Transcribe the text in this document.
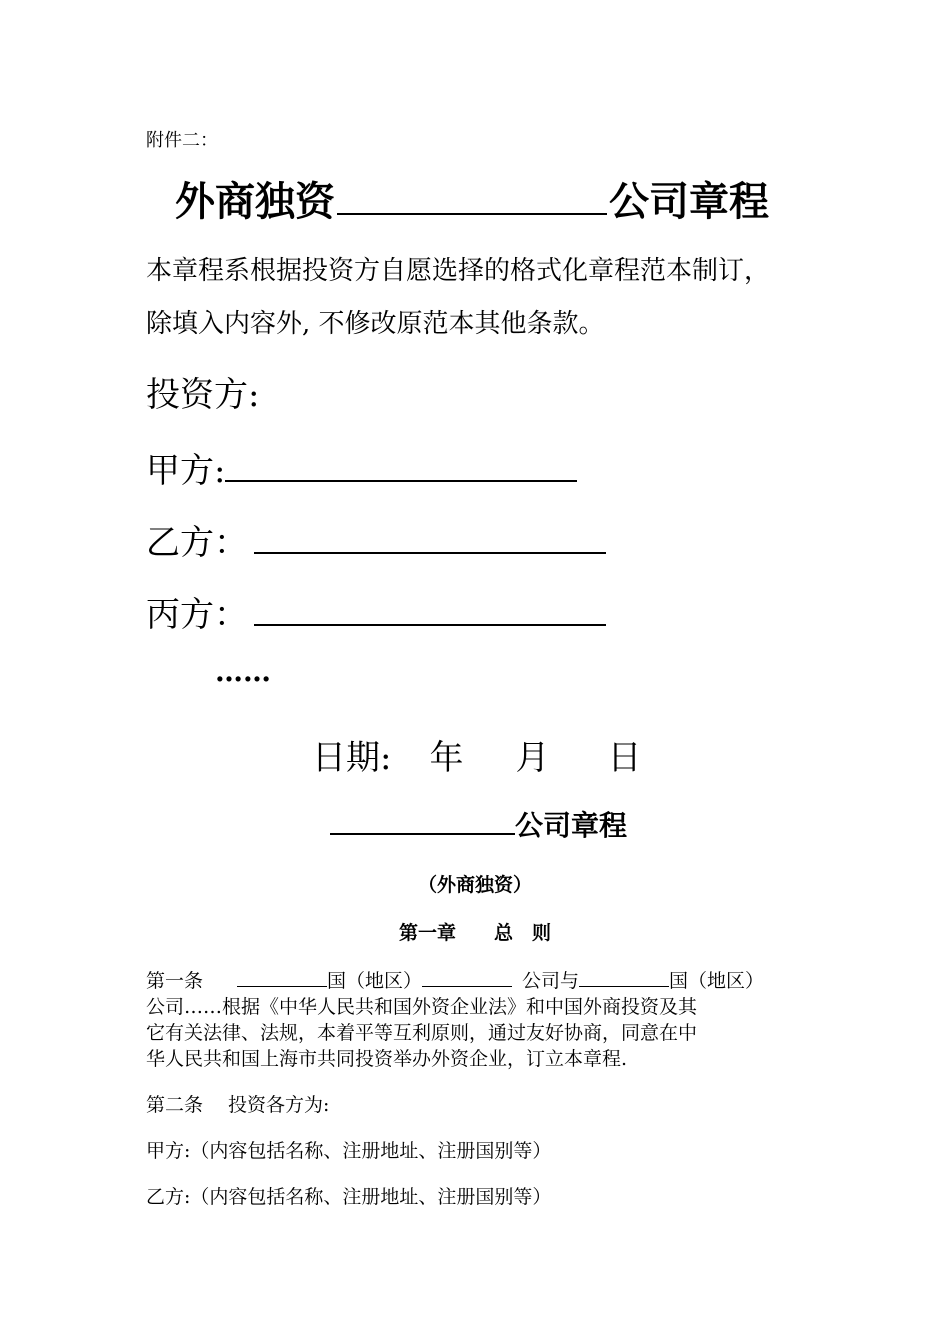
附件二：
外商独资	公司章程
本章程系根据投资方自愿选择的格式化章程范本制订，
除填入内容外, 不修改原范本其他条款。
投资方:
甲方:
乙方：
丙方：
……
日期: 年 月 日
公司章程
（外商独资）
第一章　　总　则
第一条	国（地区）	公司与	国（地区）
公司……根据《中华人民共和国外资企业法》和中国外商投资及其
它有关法律、法规，本着平等互利原则，通过友好协商，同意在中
华人民共和国上海市共同投资举办外资企业，订立本章程.
第二条　 投资各方为:
甲方:（内容包括名称、注册地址、注册国别等）
乙方:（内容包括名称、注册地址、注册国别等）
